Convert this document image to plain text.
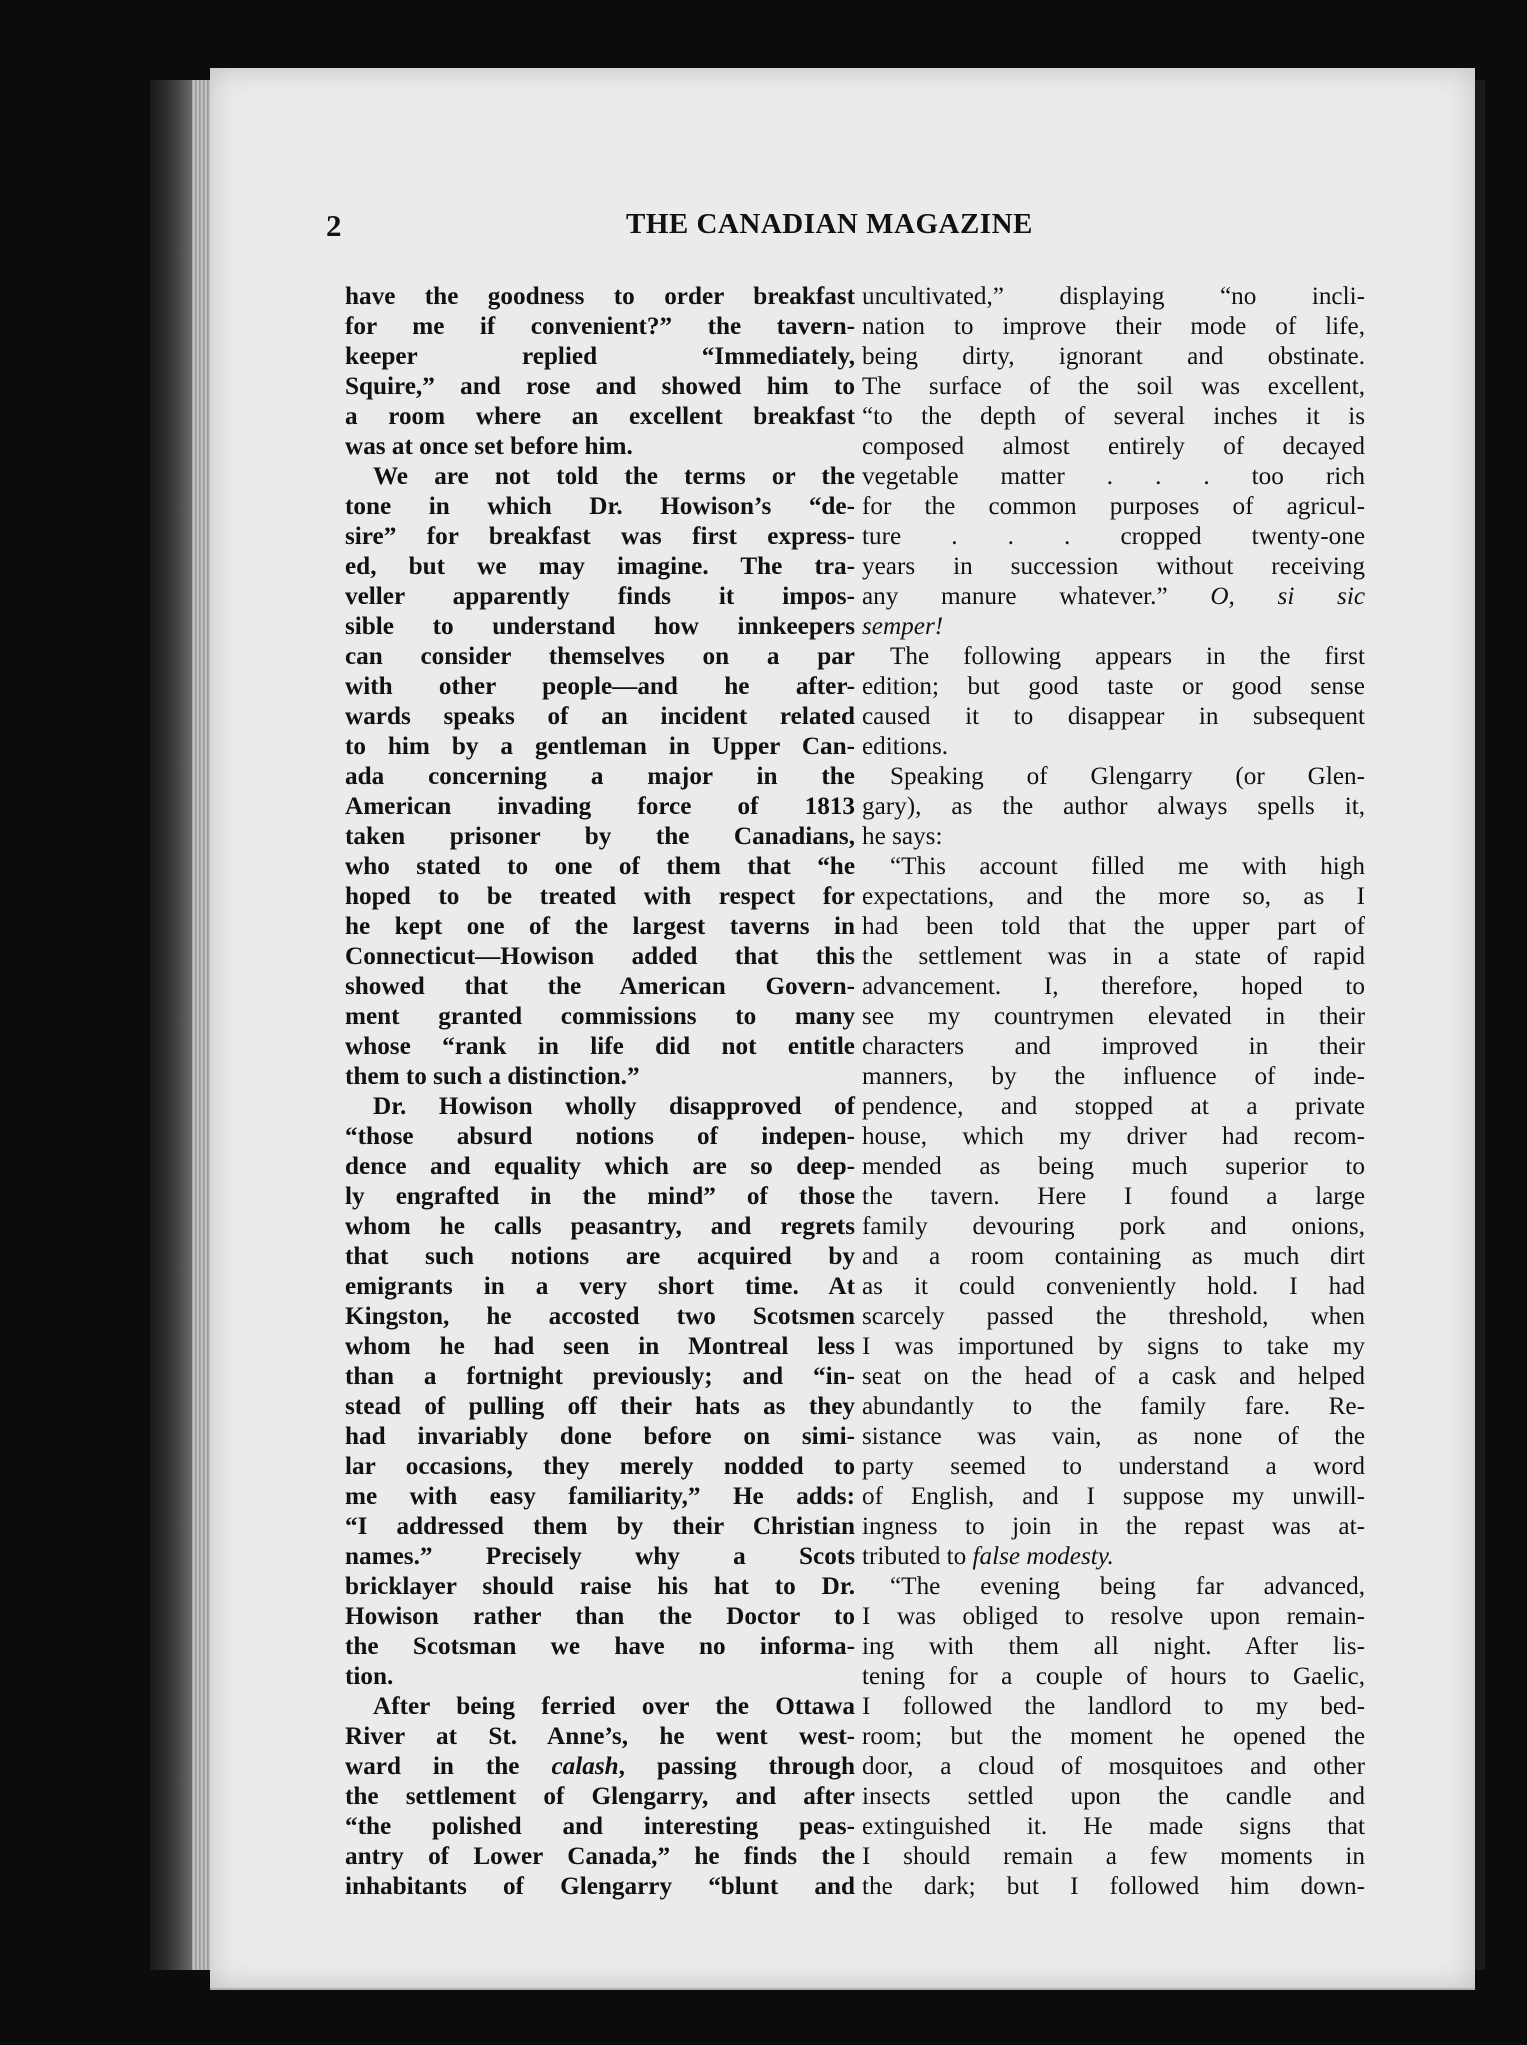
2	THE CANADIAN MAGAZINE
have the goodness to order breakfast
for me if convenient?” the tavern-
keeper replied “Immediately,
Squire,” and rose and showed him to
a room where an excellent breakfast
was at once set before him.
We are not told the terms or the
tone in which Dr. Howison’s “de-
sire” for breakfast was first express-
ed, but we may imagine. The tra-
veller apparently finds it impos-
sible to understand how innkeepers
can consider themselves on a par
with other people—and he after-
wards speaks of an incident related
to him by a gentleman in Upper Can-
ada concerning a major in the
American invading force of 1813
taken prisoner by the Canadians,
who stated to one of them that “he
hoped to be treated with respect for
he kept one of the largest taverns in
Connecticut—Howison added that this
showed that the American Govern-
ment granted commissions to many
whose “rank in life did not entitle
them to such a distinction.”
Dr. Howison wholly disapproved of
“those absurd notions of indepen-
dence and equality which are so deep-
ly engrafted in the mind” of those
whom he calls peasantry, and regrets
that such notions are acquired by
emigrants in a very short time. At
Kingston, he accosted two Scotsmen
whom he had seen in Montreal less
than a fortnight previously; and “in-
stead of pulling off their hats as they
had invariably done before on simi-
lar occasions, they merely nodded to
me with easy familiarity,” He adds:
“I addressed them by their Christian
names.” Precisely why a Scots
bricklayer should raise his hat to Dr.
Howison rather than the Doctor to
the Scotsman we have no informa-
tion.
After being ferried over the Ottawa
River at St. Anne’s, he went west-
ward in the calash, passing through
the settlement of Glengarry, and after
“the polished and interesting peas-
antry of Lower Canada,” he finds the
inhabitants of Glengarry “blunt and
uncultivated,” displaying “no incli-
nation to improve their mode of life,
being dirty, ignorant and obstinate.
The surface of the soil was excellent,
“to the depth of several inches it is
composed almost entirely of decayed
vegetable matter . . . too rich
for the common purposes of agricul-
ture . . . cropped twenty-one
years in succession without receiving
any manure whatever.” O, si sic
semper!
The following appears in the first
edition; but good taste or good sense
caused it to disappear in subsequent
editions.
Speaking of Glengarry (or Glen-
gary), as the author always spells it,
he says:
“This account filled me with high
expectations, and the more so, as I
had been told that the upper part of
the settlement was in a state of rapid
advancement. I, therefore, hoped to
see my countrymen elevated in their
characters and improved in their
manners, by the influence of inde-
pendence, and stopped at a private
house, which my driver had recom-
mended as being much superior to
the tavern. Here I found a large
family devouring pork and onions,
and a room containing as much dirt
as it could conveniently hold. I had
scarcely passed the threshold, when
I was importuned by signs to take my
seat on the head of a cask and helped
abundantly to the family fare. Re-
sistance was vain, as none of the
party seemed to understand a word
of English, and I suppose my unwill-
ingness to join in the repast was at-
tributed to false modesty.
“The evening being far advanced,
I was obliged to resolve upon remain-
ing with them all night. After lis-
tening for a couple of hours to Gaelic,
I followed the landlord to my bed-
room; but the moment he opened the
door, a cloud of mosquitoes and other
insects settled upon the candle and
extinguished it. He made signs that
I should remain a few moments in
the dark; but I followed him down-
